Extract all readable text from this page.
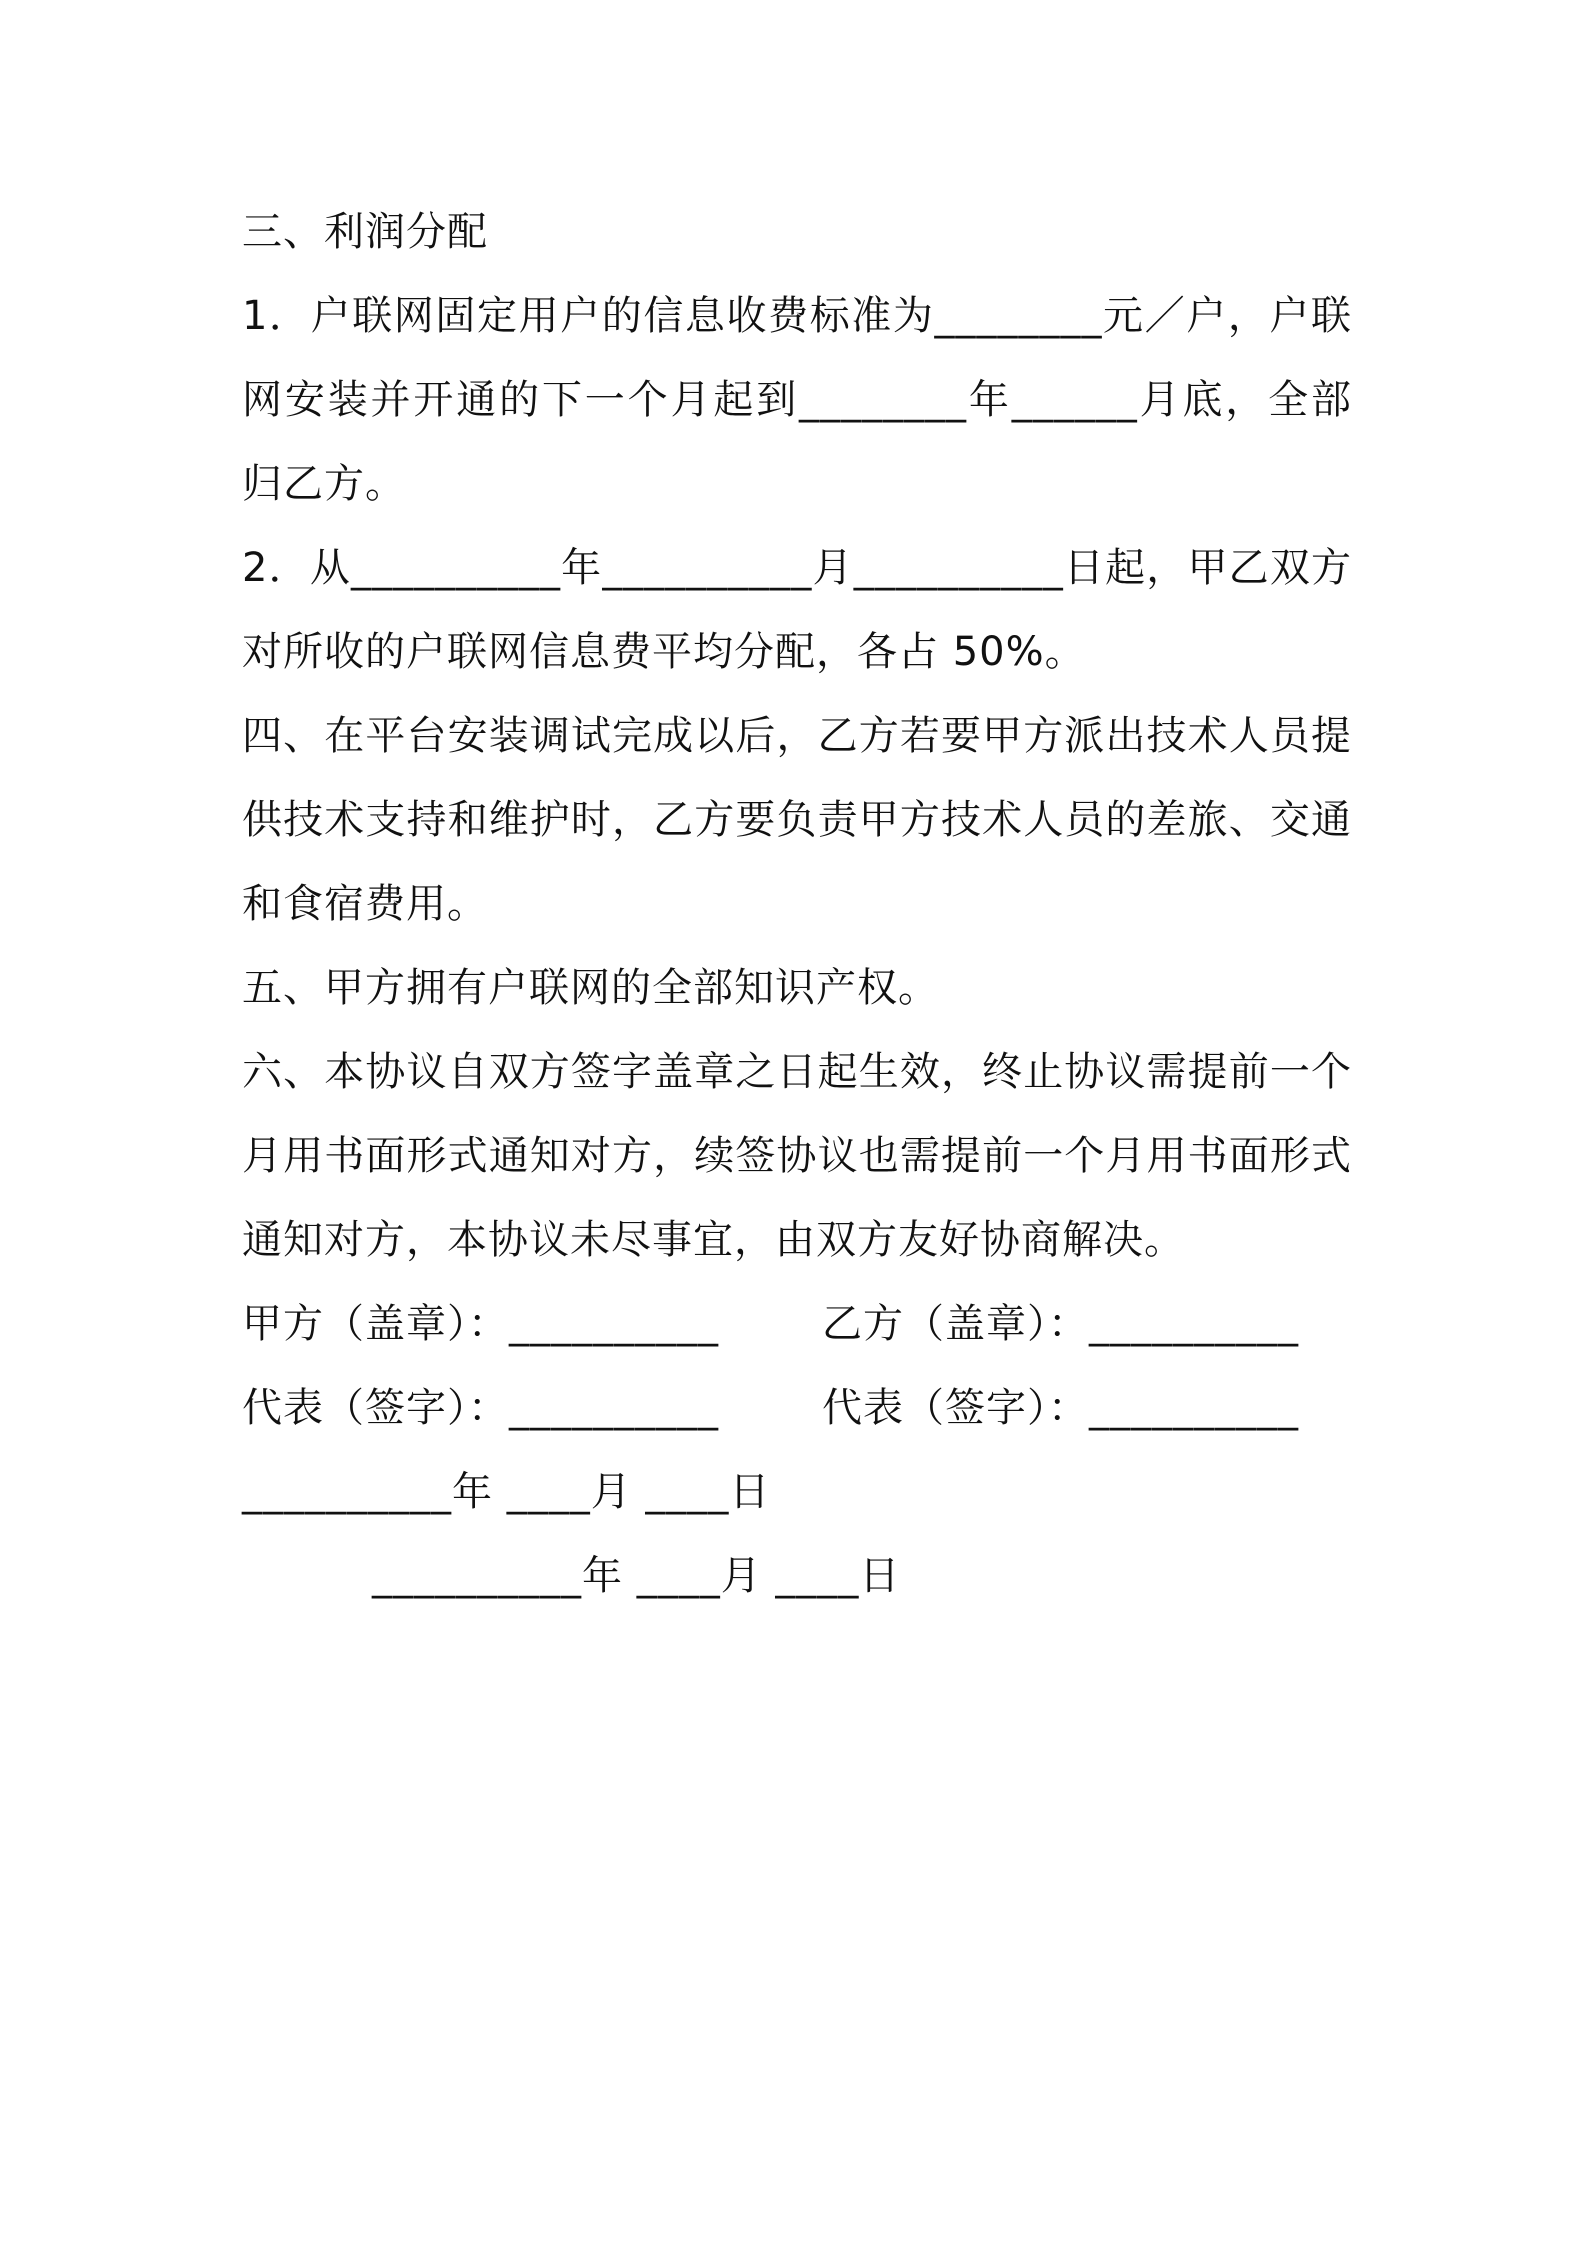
三、利润分配

1．户联网固定用户的信息收费标准为________元／户，户联网安装并开通的下一个月起到________年______月底，全部归乙方。

2．从__________年__________月__________日起，甲乙双方对所收的户联网信息费平均分配，各占 50%。

四、在平台安装调试完成以后，乙方若要甲方派出技术人员提供技术支持和维护时，乙方要负责甲方技术人员的差旅、交通和食宿费用。

五、甲方拥有户联网的全部知识产权。

六、本协议自双方签字盖章之日起生效，终止协议需提前一个月用书面形式通知对方，续签协议也需提前一个月用书面形式通知对方，本协议未尽事宜，由双方友好协商解决。

甲方（盖章）：__________	乙方（盖章）：__________
代表（签字）：__________	代表（签字）：__________
__________年 ____月 ____日__________年 ____月 ____日
